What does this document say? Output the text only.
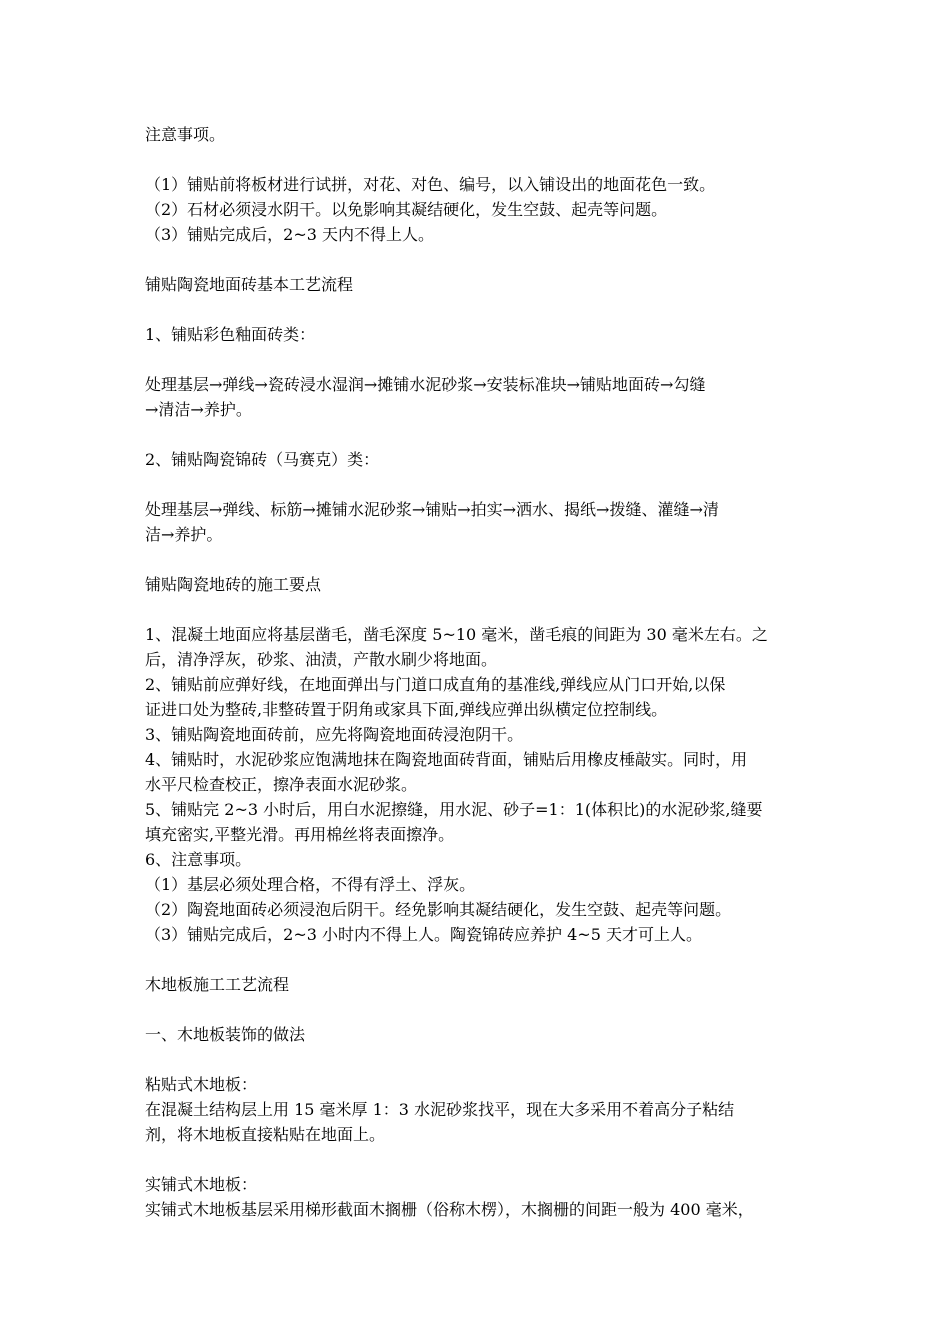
注意事项。
（1）铺贴前将板材进行试拼，对花、对色、编号，以入铺设出的地面花色一致。
（2）石材必须浸水阴干。以免影响其凝结硬化，发生空鼓、起壳等问题。
（3）铺贴完成后，2~3 天内不得上人。
铺贴陶瓷地面砖基本工艺流程
1、铺贴彩色釉面砖类：
处理基层→弹线→瓷砖浸水湿润→摊铺水泥砂浆→安装标准块→铺贴地面砖→勾缝
→清洁→养护。
2、铺贴陶瓷锦砖（马赛克）类：
处理基层→弹线、标筋→摊铺水泥砂浆→铺贴→拍实→洒水、揭纸→拨缝、灌缝→清
洁→养护。
铺贴陶瓷地砖的施工要点
1、混凝土地面应将基层凿毛，凿毛深度 5~10 毫米，凿毛痕的间距为 30 毫米左右。之
后，清净浮灰，砂浆、油渍，产散水刷少将地面。
2、铺贴前应弹好线，在地面弹出与门道口成直角的基准线,弹线应从门口开始,以保
证进口处为整砖,非整砖置于阴角或家具下面,弹线应弹出纵横定位控制线。
3、铺贴陶瓷地面砖前，应先将陶瓷地面砖浸泡阴干。
4、铺贴时，水泥砂浆应饱满地抹在陶瓷地面砖背面，铺贴后用橡皮棰敲实。同时，用
水平尺检查校正，擦净表面水泥砂浆。
5、铺贴完 2~3 小时后，用白水泥擦缝，用水泥、砂子=1：1(体积比)的水泥砂浆,缝要
填充密实,平整光滑。再用棉丝将表面擦净。
6、注意事项。
（1）基层必须处理合格，不得有浮土、浮灰。
（2）陶瓷地面砖必须浸泡后阴干。经免影响其凝结硬化，发生空鼓、起壳等问题。
（3）铺贴完成后，2~3 小时内不得上人。陶瓷锦砖应养护 4~5 天才可上人。
木地板施工工艺流程
一、木地板装饰的做法
粘贴式木地板：
在混凝土结构层上用 15 毫米厚 1：3 水泥砂浆找平，现在大多采用不着高分子粘结
剂，将木地板直接粘贴在地面上。
实铺式木地板：
实铺式木地板基层采用梯形截面木搁栅（俗称木楞），木搁栅的间距一般为 400 毫米，
